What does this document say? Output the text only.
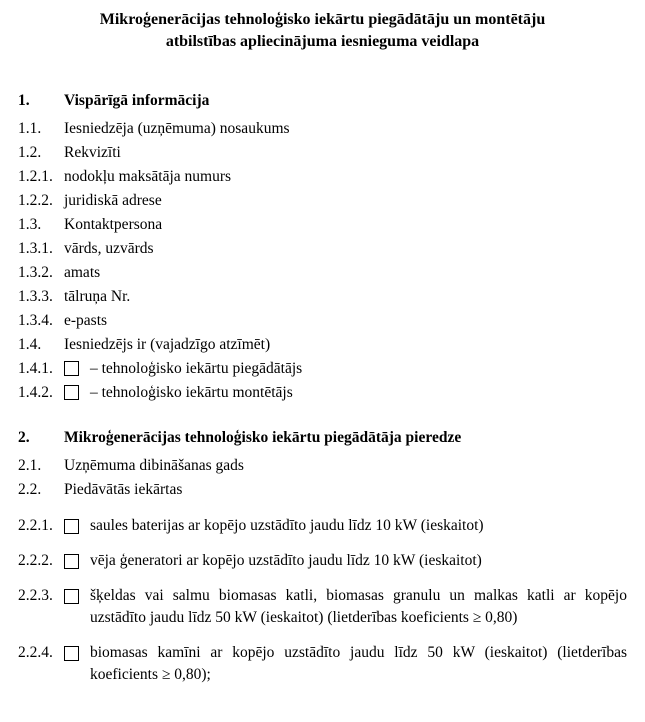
Mikroģenerācijas tehnoloģisko iekārtu piegādātāju un montētāju
atbilstības apliecinājuma iesnieguma veidlapa
1.	Vispārīgā informācija
1.1.	Iesniedzēja (uzņēmuma) nosaukums
1.2.	Rekvizīti
1.2.1. nodokļu maksātāja numurs
1.2.2. juridiskā adrese
1.3.	Kontaktpersona
1.3.1. vārds, uzvārds
1.3.2. amats
1.3.3. tālruņa Nr.
1.3.4. e-pasts
1.4.	Iesniedzējs ir (vajadzīgo atzīmēt)
1.4.1.	– tehnoloģisko iekārtu piegādātājs
1.4.2.	– tehnoloģisko iekārtu montētājs
2.	Mikroģenerācijas tehnoloģisko iekārtu piegādātāja pieredze
2.1.	Uzņēmuma dibināšanas gads
2.2.	Piedāvātās iekārtas
2.2.1.	saules baterijas ar kopējo uzstādīto jaudu līdz 10 kW (ieskaitot)
2.2.2.	vēja ģeneratori ar kopējo uzstādīto jaudu līdz 10 kW (ieskaitot)
2.2.3.	šķeldas vai salmu biomasas katli, biomasas granulu un malkas katli ar kopējo uzstādīto jaudu līdz 50 kW (ieskaitot) (lietderības koeficients ≥ 0,80)
2.2.4.	biomasas kamīni ar kopējo uzstādīto jaudu līdz 50 kW (ieskaitot) (lietderības koeficients ≥ 0,80);
